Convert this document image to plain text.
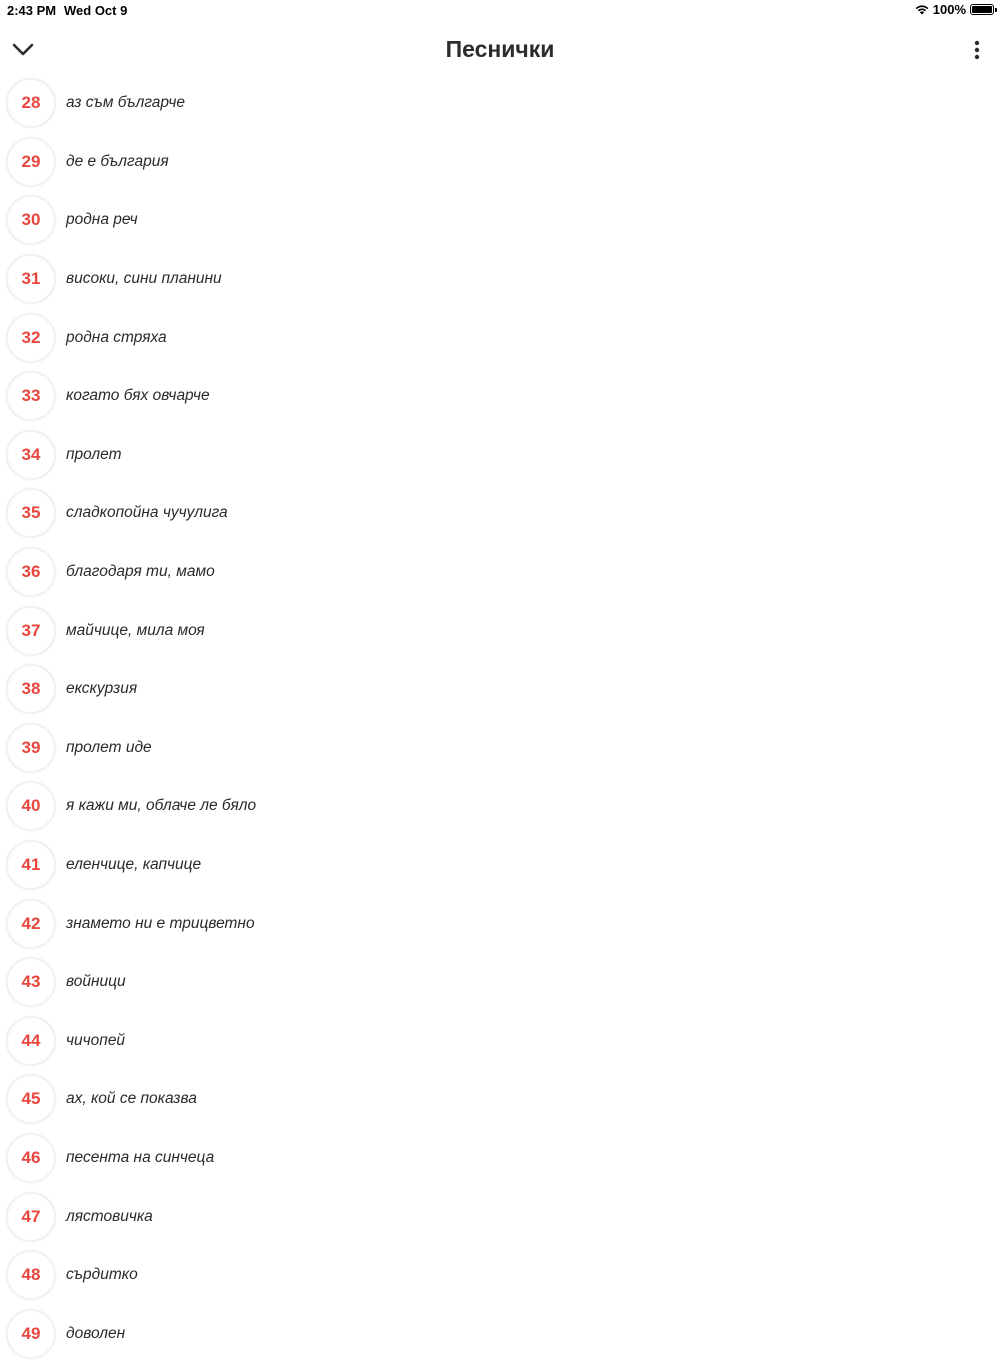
2:43 PM Wed Oct 9	100%
Песнички
28	аз съм българче
29	де е българия
30	родна реч
31	високи, сини планини
32	родна стряха
33	когато бях овчарче
34	пролет
35	сладкопойна чучулига
36	благодаря ти, мамо
37	майчице, мила моя
38	екскурзия
39	пролет иде
40	я кажи ми, облаче ле бяло
41	еленчице, капчице
42	знамето ни е трицветно
43	войници
44	чичопей
45	ах, кой се показва
46	песента на синчеца
47	лястовичка
48	сърдитко
49	доволен
